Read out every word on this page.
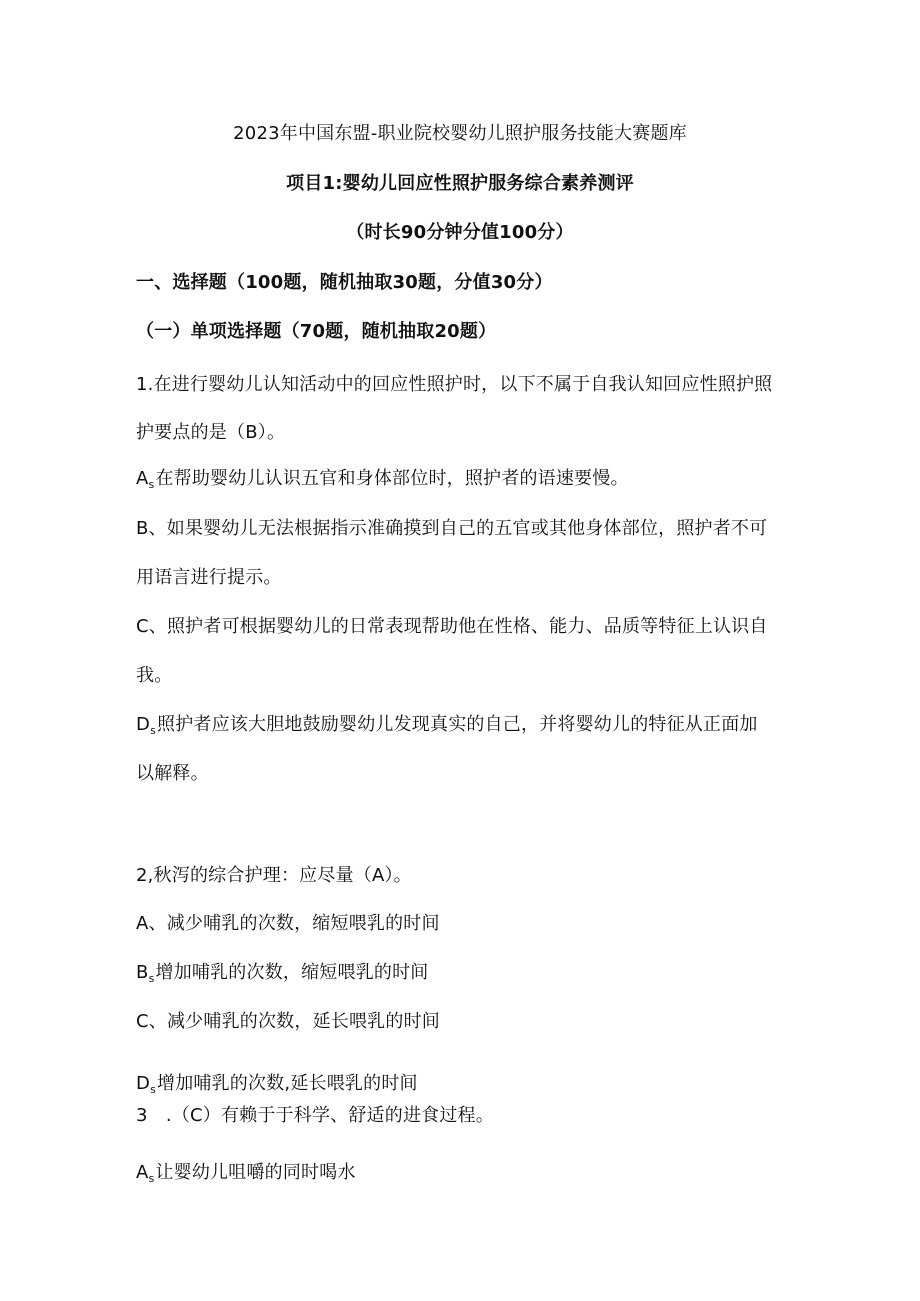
2023年中国东盟-职业院校婴幼儿照护服务技能大赛题库
项目1:婴幼儿回应性照护服务综合素养测评
（时长90分钟分值100分）
一、选择题（100题，随机抽取30题，分值30分）
（一）单项选择题（70题，随机抽取20题）
1.在进行婴幼儿认知活动中的回应性照护时，以下不属于自我认知回应性照护照
护要点的是（B）。
$A_s$在帮助婴幼儿认识五官和身体部位时，照护者的语速要慢。
B、如果婴幼儿无法根据指示准确摸到自己的五官或其他身体部位，照护者不可
用语言进行提示。
C、照护者可根据婴幼儿的日常表现帮助他在性格、能力、品质等特征上认识自
我。
$D_s$照护者应该大胆地鼓励婴幼儿发现真实的自己，并将婴幼儿的特征从正面加
以解释。
2,秋泻的综合护理：应尽量（A）。
A、减少哺乳的次数，缩短喂乳的时间
$B_s$增加哺乳的次数，缩短喂乳的时间
C、减少哺乳的次数，延长喂乳的时间
$D_s$增加哺乳的次数,延长喂乳的时间
3　.（C）有赖于于科学、舒适的进食过程。
$A_s$让婴幼儿咀嚼的同时喝水
